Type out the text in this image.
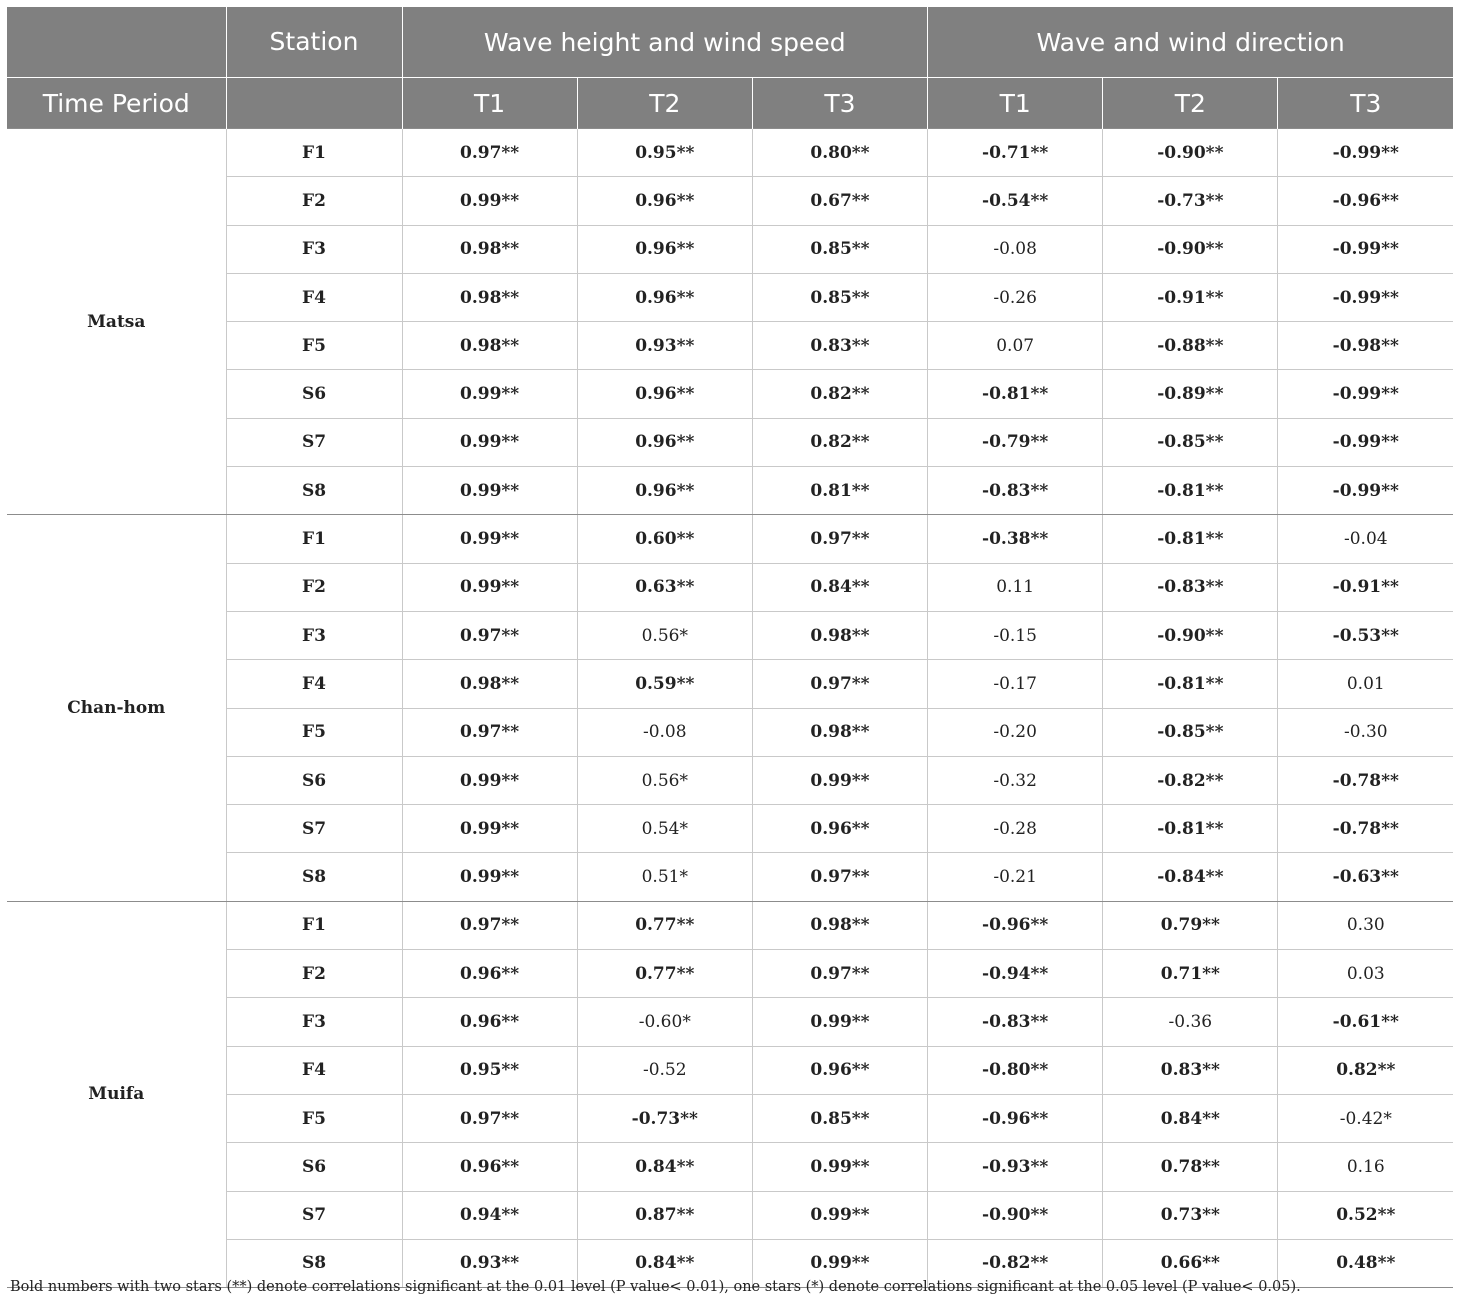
	Station	Wave height and wind speed			Wave and wind direction		
Time Period		T1	T2	T3	T1	T2	T3
Matsa	F1	0.97**	0.95**	0.80**	-0.71**	-0.90**	-0.99**
	F2	0.99**	0.96**	0.67**	-0.54**	-0.73**	-0.96**
	F3	0.98**	0.96**	0.85**	-0.08	-0.90**	-0.99**
	F4	0.98**	0.96**	0.85**	-0.26	-0.91**	-0.99**
	F5	0.98**	0.93**	0.83**	0.07	-0.88**	-0.98**
	S6	0.99**	0.96**	0.82**	-0.81**	-0.89**	-0.99**
	S7	0.99**	0.96**	0.82**	-0.79**	-0.85**	-0.99**
	S8	0.99**	0.96**	0.81**	-0.83**	-0.81**	-0.99**
Chan-hom	F1	0.99**	0.60**	0.97**	-0.38**	-0.81**	-0.04
	F2	0.99**	0.63**	0.84**	0.11	-0.83**	-0.91**
	F3	0.97**	0.56*	0.98**	-0.15	-0.90**	-0.53**
	F4	0.98**	0.59**	0.97**	-0.17	-0.81**	0.01
	F5	0.97**	-0.08	0.98**	-0.20	-0.85**	-0.30
	S6	0.99**	0.56*	0.99**	-0.32	-0.82**	-0.78**
	S7	0.99**	0.54*	0.96**	-0.28	-0.81**	-0.78**
	S8	0.99**	0.51*	0.97**	-0.21	-0.84**	-0.63**
Muifa	F1	0.97**	0.77**	0.98**	-0.96**	0.79**	0.30
	F2	0.96**	0.77**	0.97**	-0.94**	0.71**	0.03
	F3	0.96**	-0.60*	0.99**	-0.83**	-0.36	-0.61**
	F4	0.95**	-0.52	0.96**	-0.80**	0.83**	0.82**
	F5	0.97**	-0.73**	0.85**	-0.96**	0.84**	-0.42*
	S6	0.96**	0.84**	0.99**	-0.93**	0.78**	0.16
	S7	0.94**	0.87**	0.99**	-0.90**	0.73**	0.52**
	S8	0.93**	0.84**	0.99**	-0.82**	0.66**	0.48**
Bold numbers with two stars (**) denote correlations significant at the 0.01 level (P value< 0.01), one stars (*) denote correlations significant at the 0.05 level (P value< 0.05).
